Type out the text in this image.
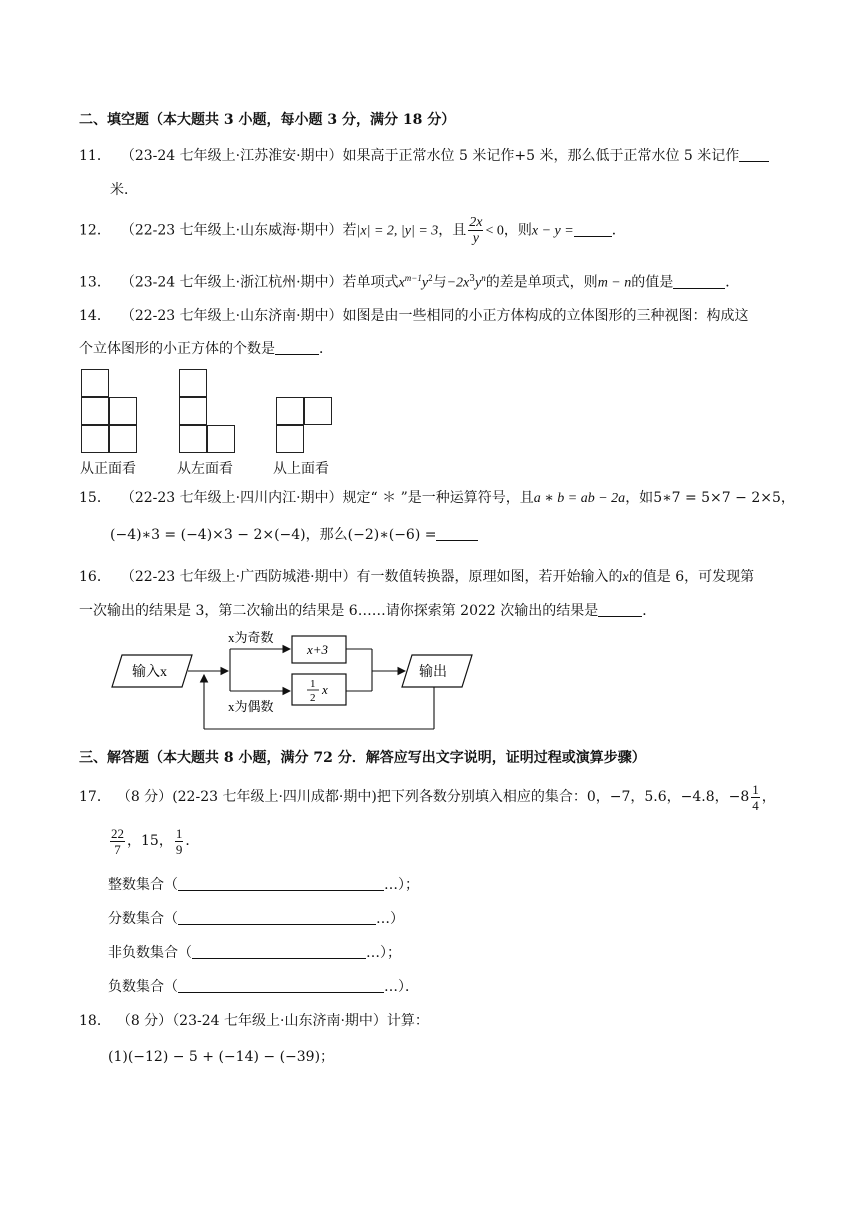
二、填空题（本大题共 3 小题，每小题 3 分，满分 18 分）
11． （23-24 七年级上·江苏淮安·期中）如果高于正常水位 5 米记作+5 米，那么低于正常水位 5 米记作
米．
12． （22-23 七年级上·山东威海·期中）若|x| = 2, |y| = 3，且 $\frac{2x}{y} < 0$，则x − y =	．
13． （23-24 七年级上·浙江杭州·期中）若单项式$x^{m-1}y^2$与$-2x^3y^n$的差是单项式，则m − n的值是	．
14． （22-23 七年级上·山东济南·期中）如图是由一些相同的小正方体构成的立体图形的三种视图：构成这
个立体图形的小正方体的个数是	．
从正面看	从左面看	从上面看
15． （22-23 七年级上·四川内江·期中）规定“ ＊ ”是一种运算符号，且a ∗ b = ab − 2a，如5∗7 = 5×7 − 2×5，
(−4)∗3 = (−4)×3 − 2×(−4)，那么(−2)∗(−6) =
16． （22-23 七年级上·广西防城港·期中）有一数值转换器，原理如图，若开始输入的x的值是 6，可发现第
一次输出的结果是 3，第二次输出的结果是 6……请你探索第 2022 次输出的结果是	．
输入x	输出
x为奇数
x为偶数
x+3
1
2
x
三、解答题（本大题共 8 小题，满分 72 分．解答应写出文字说明，证明过程或演算步骤）
17． （8 分）(22-23 七年级上·四川成都·期中)把下列各数分别填入相应的集合：0，−7，5.6，−4.8，$-8 \frac{1}{4}$ ，
$\frac{22}{7}$ ，15， $\frac{1}{9}$ ．
整数集合（	…）；
分数集合（	…）
非负数集合（	…）；
负数集合（	…）．
18． （8 分）（23-24 七年级上·山东济南·期中）计算：
(1)(−12) − 5 + (−14) − (−39)；
